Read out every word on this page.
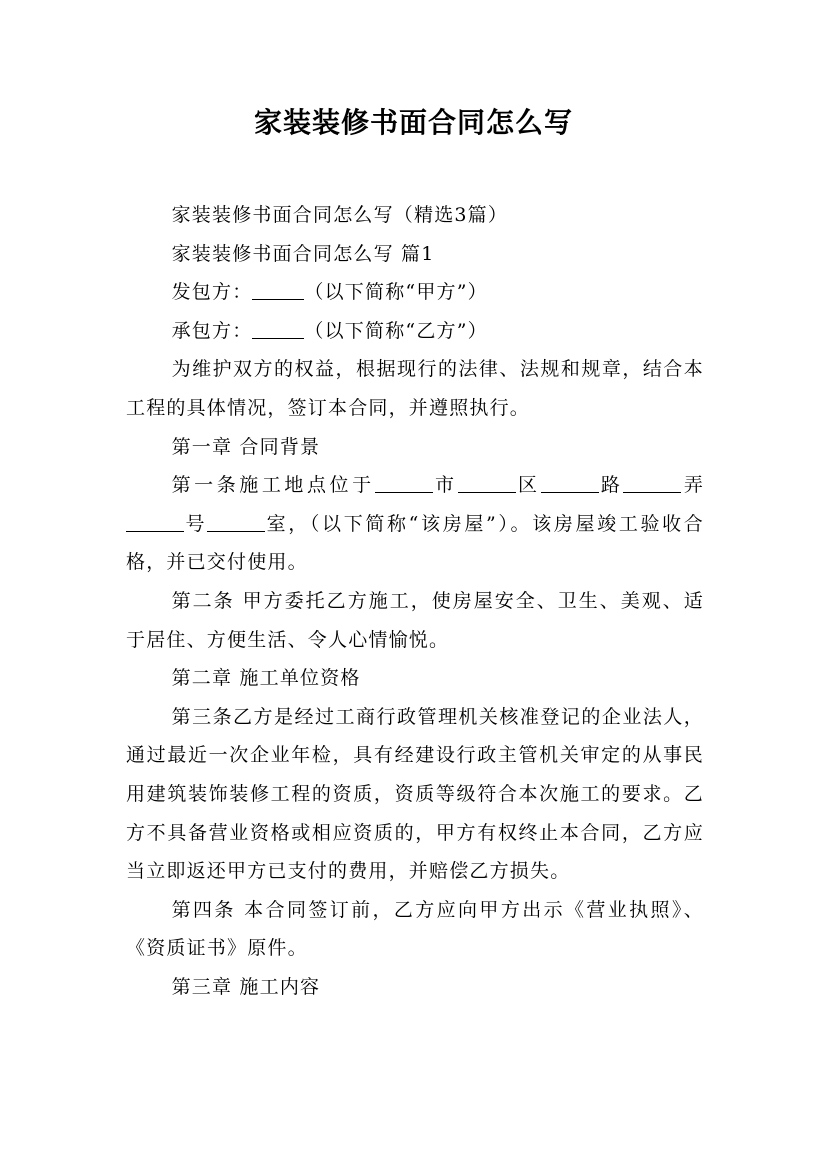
家装装修书面合同怎么写

家装装修书面合同怎么写（精选3篇）

家装装修书面合同怎么写 篇1

发包方：	（以下简称“甲方”）

承包方：	（以下简称“乙方”）

为维护双方的权益，根据现行的法律、法规和规章，结合本工程的具体情况，签订本合同，并遵照执行。

第一章 合同背景

第一条施工地点位于	市	区	路	弄号	室，（以下简称“该房屋”）。该房屋竣工验收合格，并已交付使用。

第二条 甲方委托乙方施工，使房屋安全、卫生、美观、适于居住、方便生活、令人心情愉悦。

第二章 施工单位资格

第三条乙方是经过工商行政管理机关核准登记的企业法人，通过最近一次企业年检，具有经建设行政主管机关审定的从事民用建筑装饰装修工程的资质，资质等级符合本次施工的要求。乙方不具备营业资格或相应资质的，甲方有权终止本合同，乙方应当立即返还甲方已支付的费用，并赔偿乙方损失。

第四条 本合同签订前，乙方应向甲方出示《营业执照》、《资质证书》原件。

第三章 施工内容
